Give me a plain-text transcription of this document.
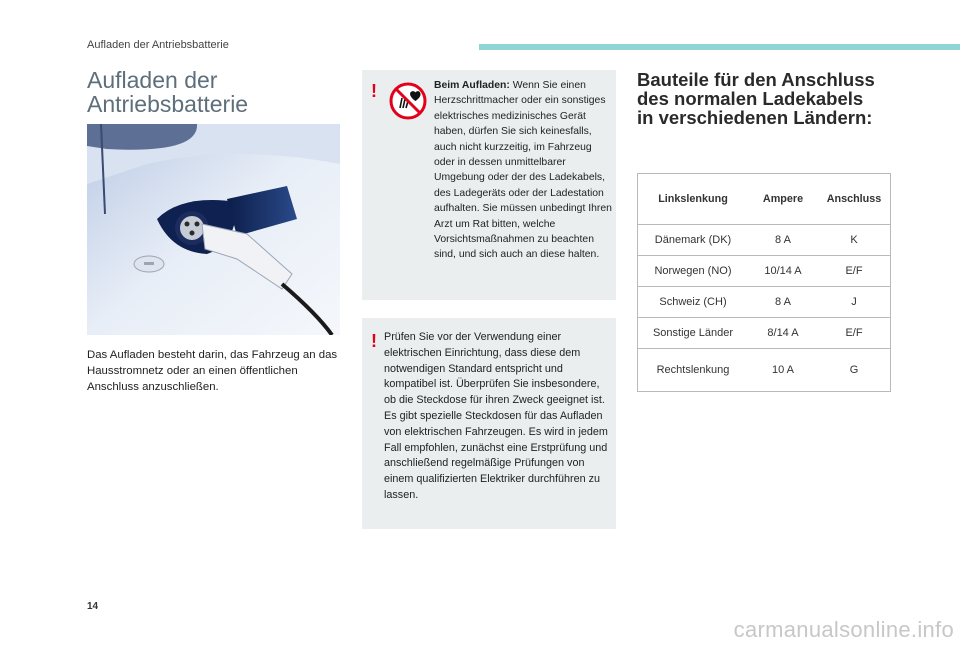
Aufladen der Antriebsbatterie
Aufladen der
Antriebsbatterie
Das Aufladen besteht darin, das Fahrzeug an das Hausstromnetz oder an einen öffentlichen Anschluss anzuschließen.
!	Beim Aufladen: Wenn Sie einen Herzschrittmacher oder ein sonstiges elektrisches medizinisches Gerät haben, dürfen Sie sich keinesfalls, auch nicht kurzzeitig, im Fahrzeug oder in dessen unmittelbarer Umgebung oder der des Ladekabels, des Ladegeräts oder der Ladestation aufhalten. Sie müssen unbedingt Ihren Arzt um Rat bitten, welche Vorsichtsmaßnahmen zu beachten sind, und sich auch an diese halten.
! Prüfen Sie vor der Verwendung einer elektrischen Einrichtung, dass diese dem notwendigen Standard entspricht und kompatibel ist. Überprüfen Sie insbesondere, ob die Steckdose für ihren Zweck geeignet ist. Es gibt spezielle Steckdosen für das Aufladen von elektrischen Fahrzeugen. Es wird in jedem Fall empfohlen, zunächst eine Erstprüfung und anschließend regelmäßige Prüfungen von einem qualifizierten Elektriker durchführen zu lassen.
Bauteile für den Anschluss
des normalen Ladekabels
in verschiedenen Ländern:
Linkslenkung	Ampere	Anschluss
Dänemark (DK)	8 A	K
Norwegen (NO)	10/14 A	E/F
Schweiz (CH)	8 A	J
Sonstige Länder	8/14 A	E/F
Rechtslenkung	10 A	G
14
carmanualsonline.info
